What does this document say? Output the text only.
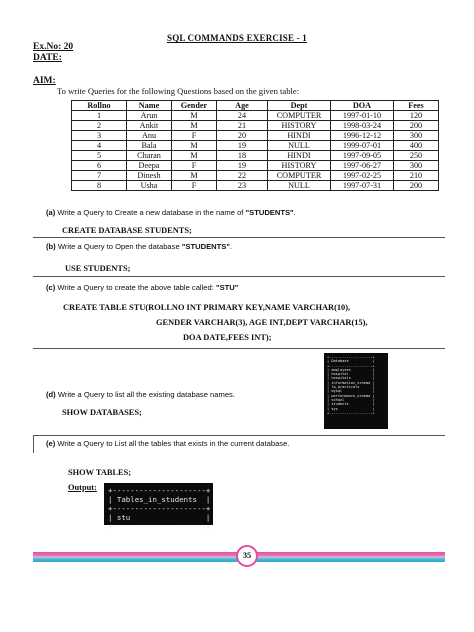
SQL COMMANDS EXERCISE - 1
Ex.No: 20
DATE:
AIM:
To write Queries for the following Questions based on the given table:
Rollno	Name	Gender	Age	Dept	DOA	Fees
1	Arun	M	24	COMPUTER	1997-01-10	120
2	Ankit	M	21	HISTORY	1998-03-24	200
3	Anu	F	20	HINDI	1996-12-12	300
4	Bala	M	19	NULL	1999-07-01	400
5	Charan	M	18	HINDI	1997-09-05	250
6	Deepa	F	19	HISTORY	1997-06-27	300
7	Dinesh	M	22	COMPUTER	1997-02-25	210
8	Usha	F	23	NULL	1997-07-31	200
(a) Write a Query to Create a new database in the name of "STUDENTS".
CREATE DATABASE STUDENTS;
(b) Write a Query to Open the database "STUDENTS".
USE STUDENTS;
(c) Write a Query to create the above table called: "STU"
CREATE TABLE STU(ROLLNO INT PRIMARY KEY,NAME VARCHAR(10),
GENDER VARCHAR(3), AGE INT,DEPT VARCHAR(15),
DOA DATE,FEES INT);
(d) Write a Query to list all the existing database names.
SHOW DATABASES;
+--------------------+
| Database           |
+--------------------+
| employees          |
| hospital           |
| hospitals          |
| information_schema |
| lp_practicals      |
| mysql              |
| performance_schema |
| school             |
| students           |
| sys                |
+--------------------+
(e) Write a Query to List all the tables that exists in the current database.
SHOW TABLES;
Output: +---------------------+
| Tables_in_students  |
+---------------------+
| stu                 |
+---------------------+
35
